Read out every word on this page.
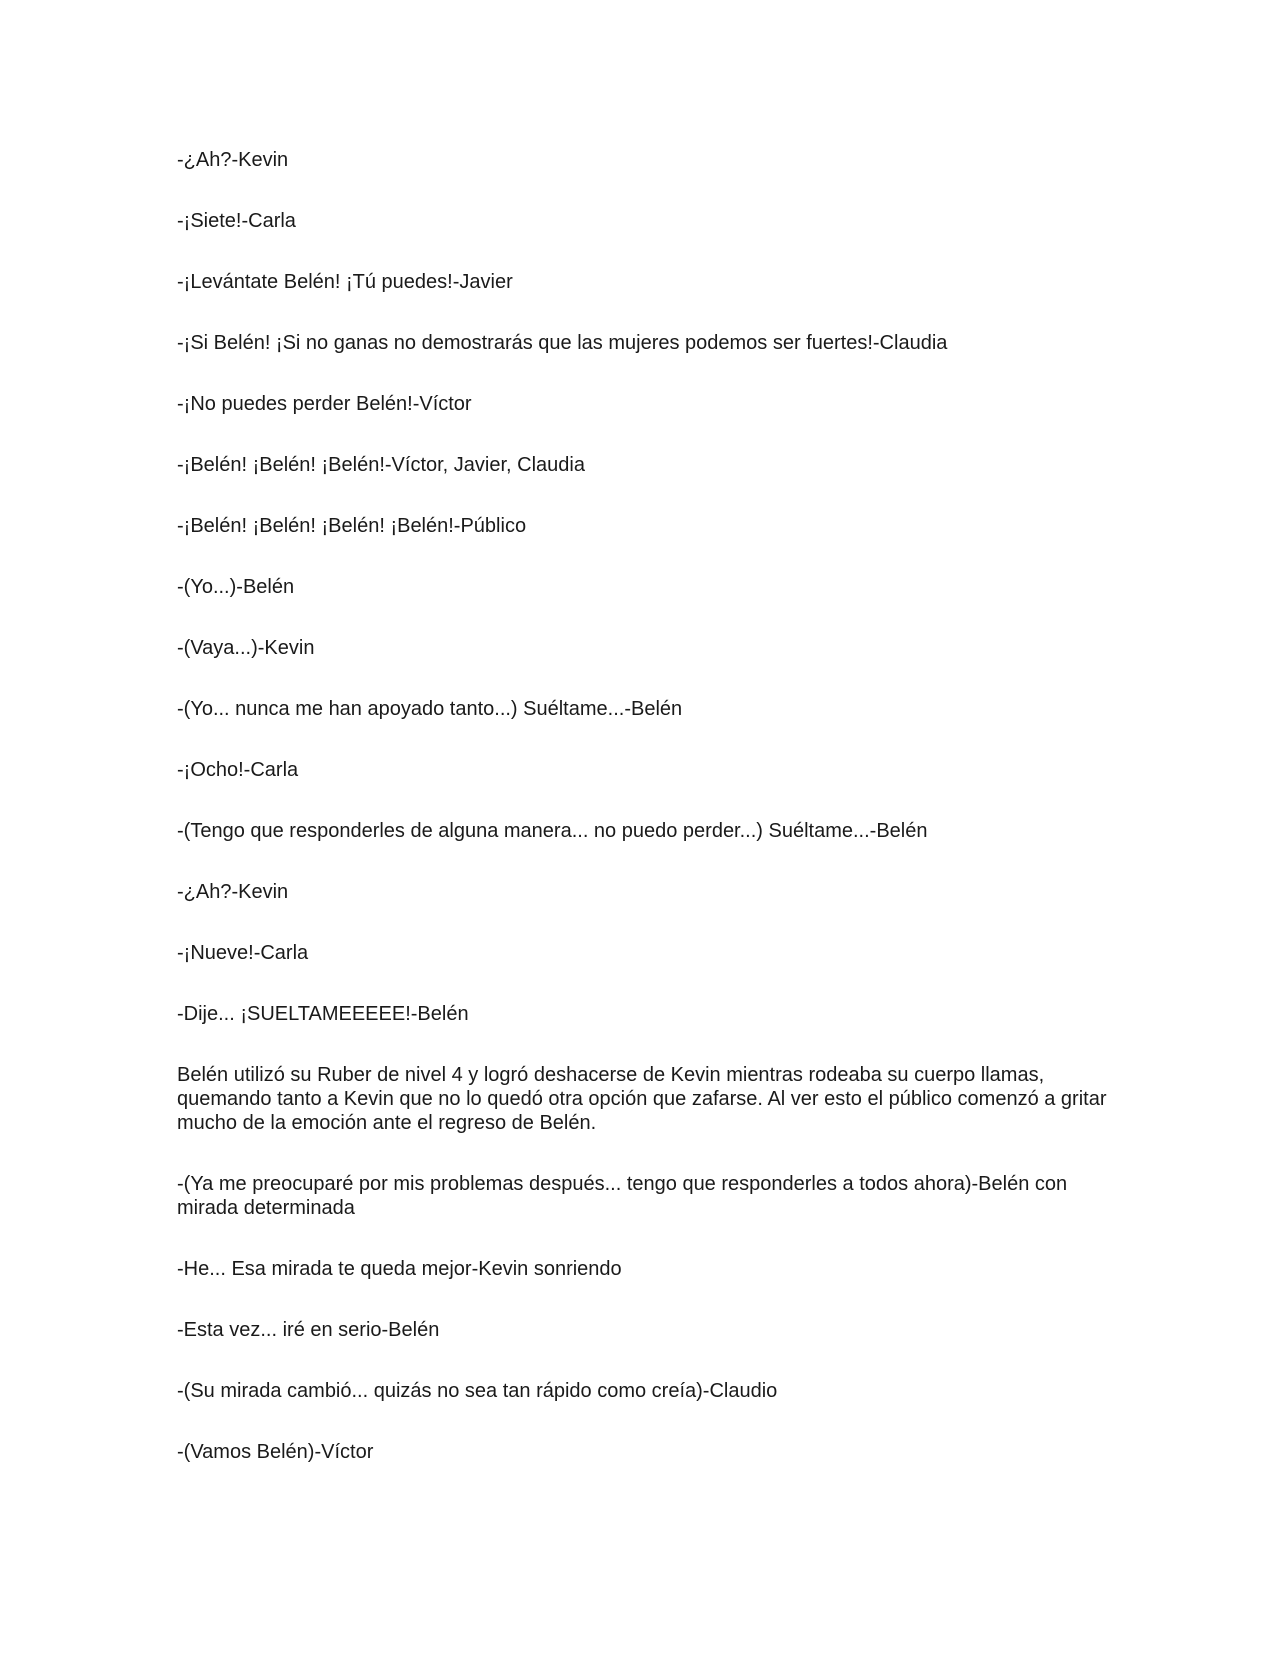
-¿Ah?-Kevin

-¡Siete!-Carla

-¡Levántate Belén! ¡Tú puedes!-Javier

-¡Si Belén! ¡Si no ganas no demostrarás que las mujeres podemos ser fuertes!-Claudia

-¡No puedes perder Belén!-Víctor

-¡Belén! ¡Belén! ¡Belén!-Víctor, Javier, Claudia

-¡Belén! ¡Belén! ¡Belén! ¡Belén!-Público

-(Yo...)-Belén

-(Vaya...)-Kevin

-(Yo... nunca me han apoyado tanto...) Suéltame...-Belén

-¡Ocho!-Carla

-(Tengo que responderles de alguna manera... no puedo perder...) Suéltame...-Belén

-¿Ah?-Kevin

-¡Nueve!-Carla

-Dije... ¡SUELTAMEEEEE!-Belén

Belén utilizó su Ruber de nivel 4 y logró deshacerse de Kevin mientras rodeaba su cuerpo llamas, quemando tanto a Kevin que no lo quedó otra opción que zafarse. Al ver esto el público comenzó a gritar mucho de la emoción ante el regreso de Belén.

-(Ya me preocuparé por mis problemas después... tengo que responderles a todos ahora)-Belén con mirada determinada

-He... Esa mirada te queda mejor-Kevin sonriendo

-Esta vez... iré en serio-Belén

-(Su mirada cambió... quizás no sea tan rápido como creía)-Claudio

-(Vamos Belén)-Víctor
